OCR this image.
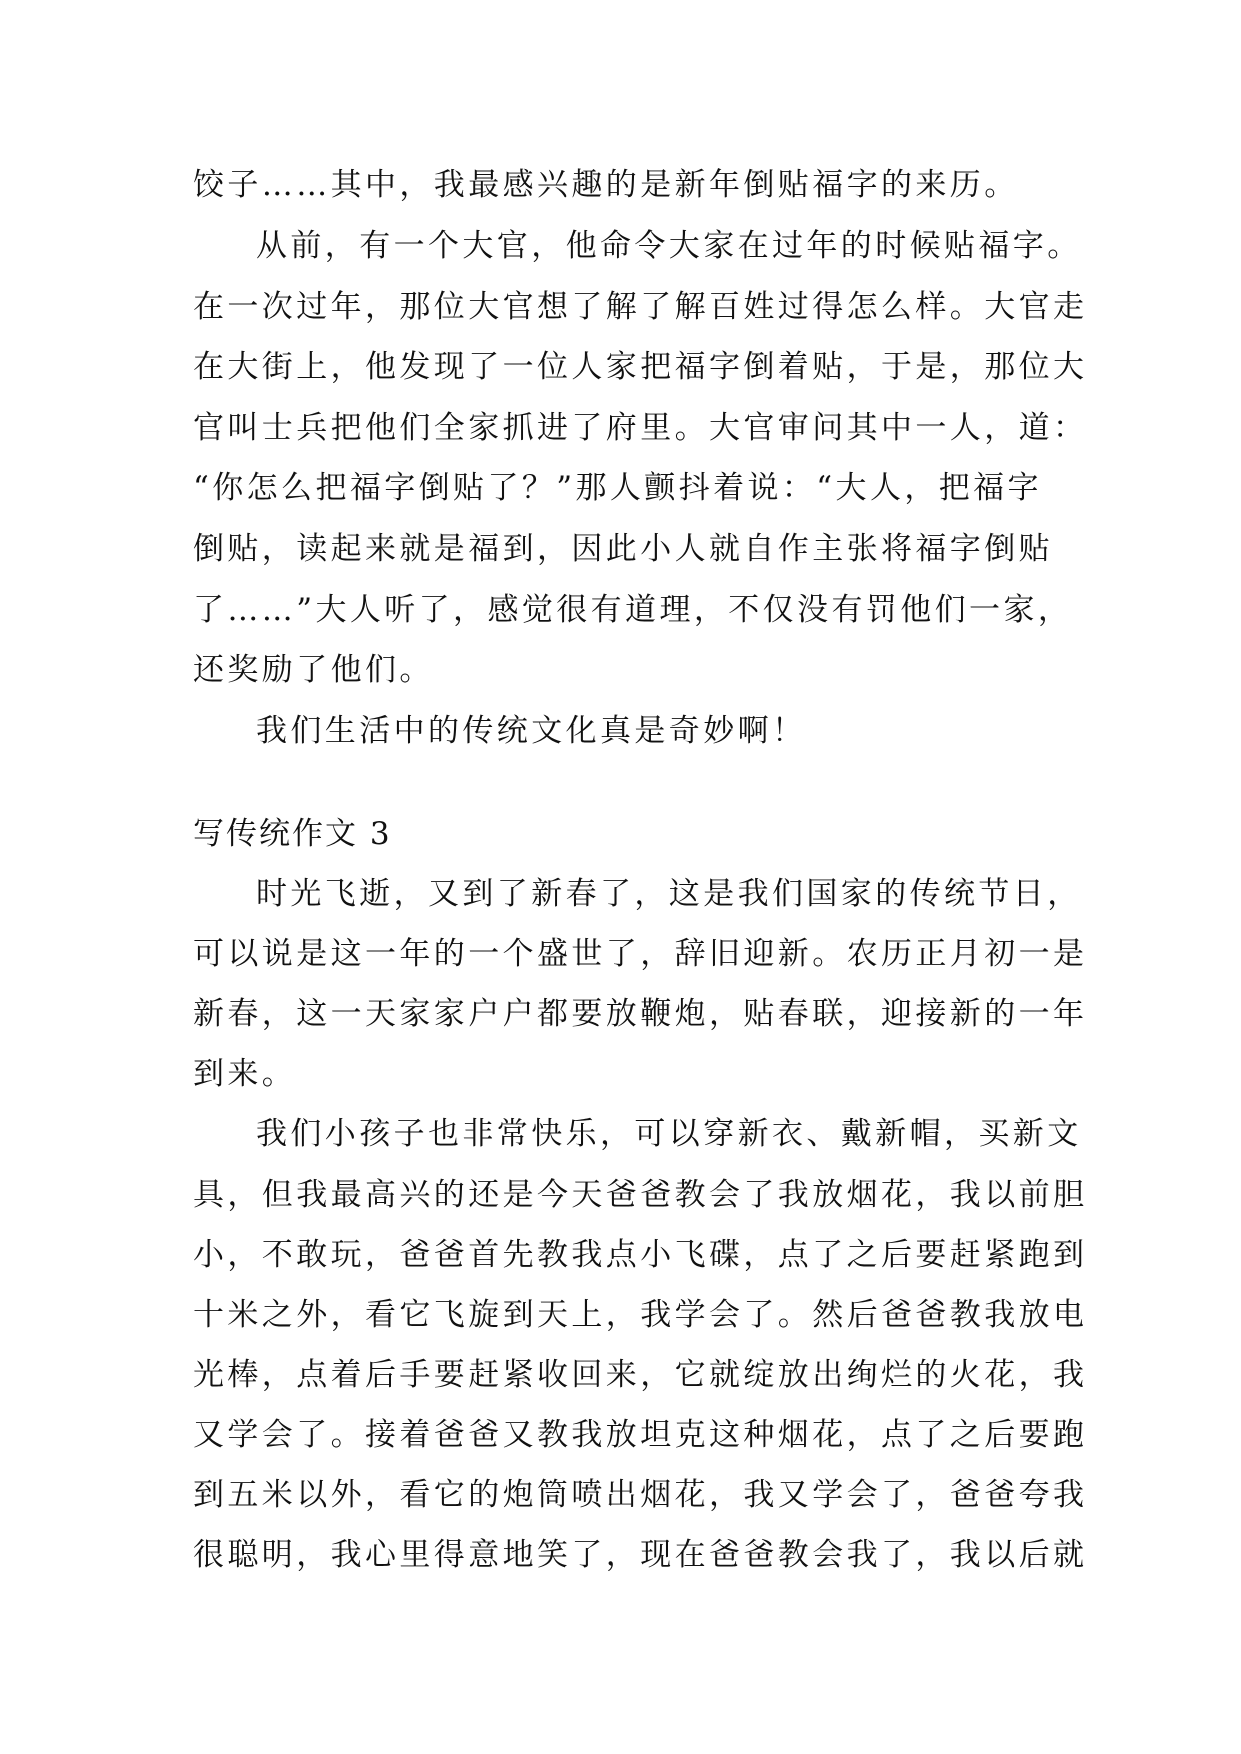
饺子……其中，我最感兴趣的是新年倒贴福字的来历。
从前，有一个大官，他命令大家在过年的时候贴福字。
在一次过年，那位大官想了解了解百姓过得怎么样。大官走
在大街上，他发现了一位人家把福字倒着贴，于是，那位大
官叫士兵把他们全家抓进了府里。大官审问其中一人，道：
“你怎么把福字倒贴了？”那人颤抖着说：“大人，把福字
倒贴，读起来就是福到，因此小人就自作主张将福字倒贴
了……”大人听了，感觉很有道理，不仅没有罚他们一家，
还奖励了他们。
我们生活中的传统文化真是奇妙啊！
写传统作文 3
时光飞逝，又到了新春了，这是我们国家的传统节日，
可以说是这一年的一个盛世了，辞旧迎新。农历正月初一是
新春，这一天家家户户都要放鞭炮，贴春联，迎接新的一年
到来。
我们小孩子也非常快乐，可以穿新衣、戴新帽，买新文
具，但我最高兴的还是今天爸爸教会了我放烟花，我以前胆
小，不敢玩，爸爸首先教我点小飞碟，点了之后要赶紧跑到
十米之外，看它飞旋到天上，我学会了。然后爸爸教我放电
光棒，点着后手要赶紧收回来，它就绽放出绚烂的火花，我
又学会了。接着爸爸又教我放坦克这种烟花，点了之后要跑
到五米以外，看它的炮筒喷出烟花，我又学会了，爸爸夸我
很聪明，我心里得意地笑了，现在爸爸教会我了，我以后就
